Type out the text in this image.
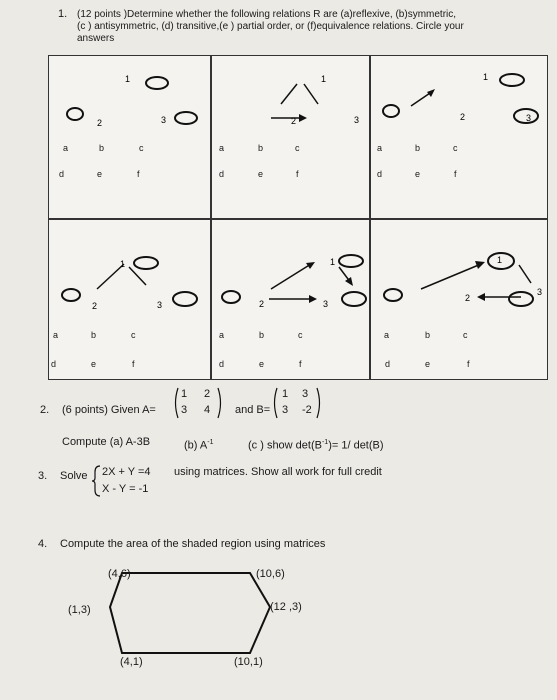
1. (12 points )Determine whether the following relations R are (a)reflexive, (b)symmetric,
(c ) antisymmetric, (d) transitive,(e ) partial order, or (f)equivalence relations. Circle your
answers
1
2	3
1
2	3
1
2	3
1
2	3
1
2	3
1
2
3
a	b	c
d	e	f
a	b	c
d	e	f
a	b	c
d	e	f
a	b	c
d	e	f
a	b	c
d	e	f
a	b	c
d	e	f
2. (6 points) Given A=
1 2
3 4 and B=
1 3
3 -2
Compute (a) A-3B	(b) $A^{-1}$	(c ) show $\det(B^{-1})= 1/$ det(B)
3. Solve 2X + Y =4
X - Y = -1
using matrices. Show all work for full credit
4. Compute the area of the shaded region using matrices
(4,6)	(10,6)
(1,3)	(12 ,3)
(4,1)	(10,1)
